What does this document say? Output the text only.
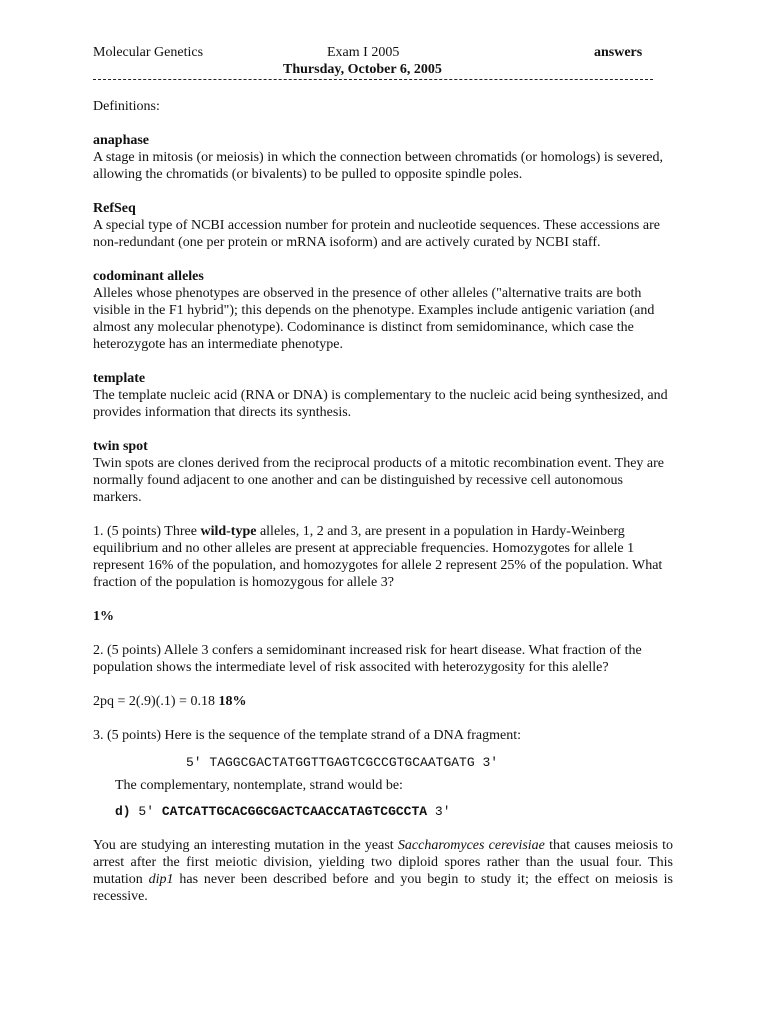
Molecular Genetics	Exam I 2005	answers
Thursday, October 6, 2005

Definitions:

anaphase

A stage in mitosis (or meiosis) in which the connection between chromatids (or homologs) is severed, allowing the chromatids (or bivalents) to be pulled to opposite spindle poles.

RefSeq

A special type of NCBI accession number for protein and nucleotide sequences. These accessions are non-redundant (one per protein or mRNA isoform) and are actively curated by NCBI staff.

codominant alleles

Alleles whose phenotypes are observed in the presence of other alleles ("alternative traits are both visible in the F1 hybrid"); this depends on the phenotype. Examples include antigenic variation (and almost any molecular phenotype). Codominance is distinct from semidominance, which case the heterozygote has an intermediate phenotype.

template

The template nucleic acid (RNA or DNA) is complementary to the nucleic acid being synthesized, and provides information that directs its synthesis.

twin spot

Twin spots are clones derived from the reciprocal products of a mitotic recombination event. They are normally found adjacent to one another and can be distinguished by recessive cell autonomous markers.

1. (5 points) Three wild-type alleles, 1, 2 and 3, are present in a population in Hardy-Weinberg equilibrium and no other alleles are present at appreciable frequencies. Homozygotes for allele 1 represent 16% of the population, and homozygotes for allele 2 represent 25% of the population. What fraction of the population is homozygous for allele 3?

1%

2. (5 points) Allele 3 confers a semidominant increased risk for heart disease. What fraction of the population shows the intermediate level of risk associted with heterozygosity for this alelle?

2pq = 2(.9)(.1) = 0.18 18%

3. (5 points) Here is the sequence of the template strand of a DNA fragment:

5' TAGGCGACTATGGTTGAGTCGCCGTGCAATGATG 3'

The complementary, nontemplate, strand would be:

d) 5' CATCATTGCACGGCGACTCAACCATAGTCGCCTA 3'

You are studying an interesting mutation in the yeast Saccharomyces cerevisiae that causes meiosis to arrest after the first meiotic division, yielding two diploid spores rather than the usual four. This mutation dip1 has never been described before and you begin to study it; the effect on meiosis is recessive.
